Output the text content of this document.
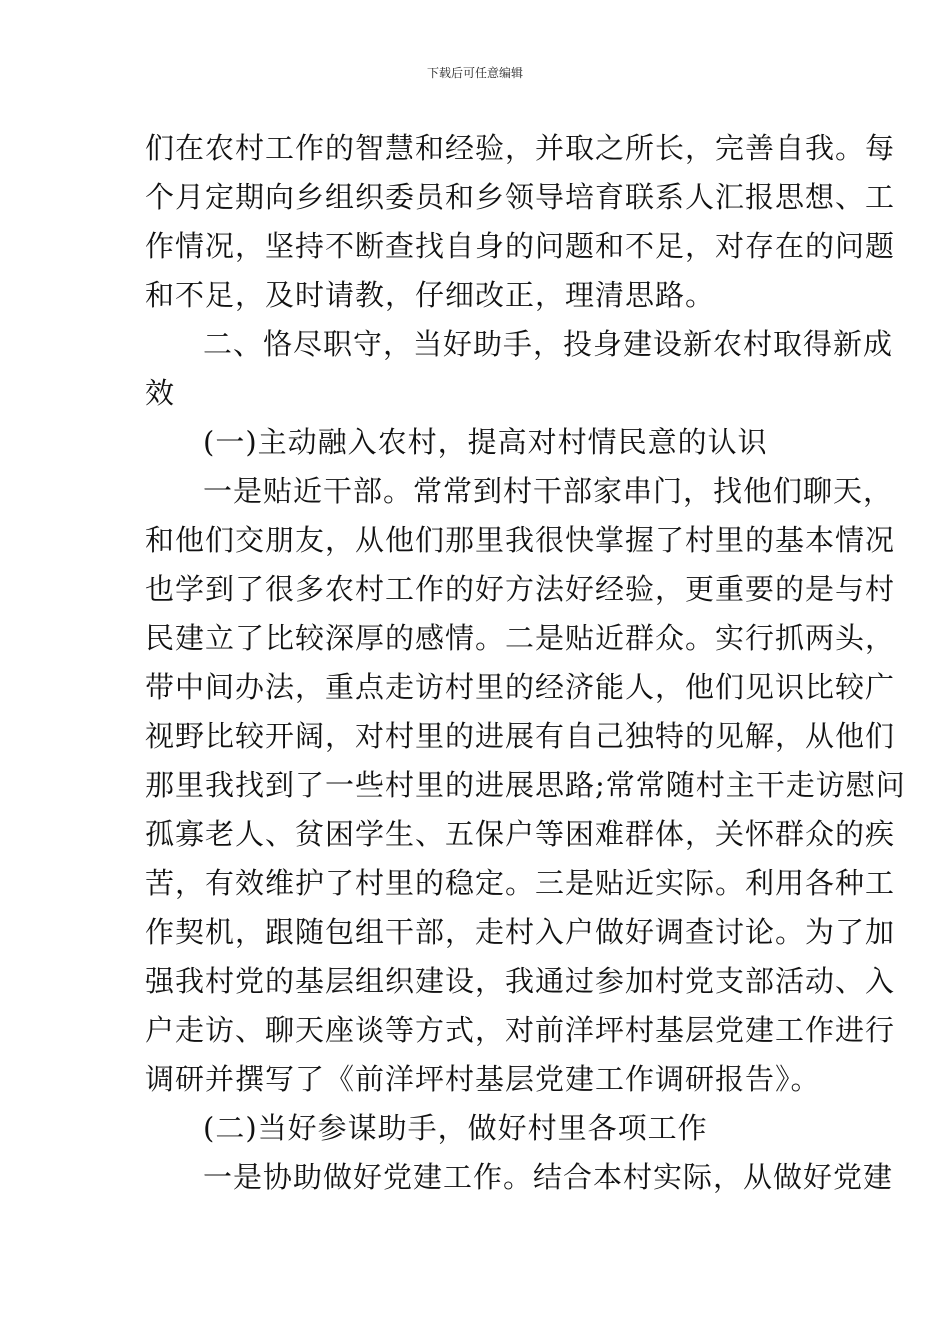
下载后可任意编辑
们在农村工作的智慧和经验，并取之所长，完善自我。每
个月定期向乡组织委员和乡领导培育联系人汇报思想、工
作情况，坚持不断查找自身的问题和不足，对存在的问题
和不足，及时请教，仔细改正，理清思路。
二、恪尽职守，当好助手，投身建设新农村取得新成
效
(一)主动融入农村，提高对村情民意的认识
一是贴近干部。常常到村干部家串门，找他们聊天，
和他们交朋友，从他们那里我很快掌握了村里的基本情况
也学到了很多农村工作的好方法好经验，更重要的是与村
民建立了比较深厚的感情。二是贴近群众。实行抓两头，
带中间办法，重点走访村里的经济能人，他们见识比较广
视野比较开阔，对村里的进展有自己独特的见解，从他们
那里我找到了一些村里的进展思路;常常随村主干走访慰问
孤寡老人、贫困学生、五保户等困难群体，关怀群众的疾
苦，有效维护了村里的稳定。三是贴近实际。利用各种工
作契机，跟随包组干部，走村入户做好调查讨论。为了加
强我村党的基层组织建设，我通过参加村党支部活动、入
户走访、聊天座谈等方式，对前洋坪村基层党建工作进行
调研并撰写了《前洋坪村基层党建工作调研报告》。
(二)当好参谋助手，做好村里各项工作
一是协助做好党建工作。结合本村实际，从做好党建
